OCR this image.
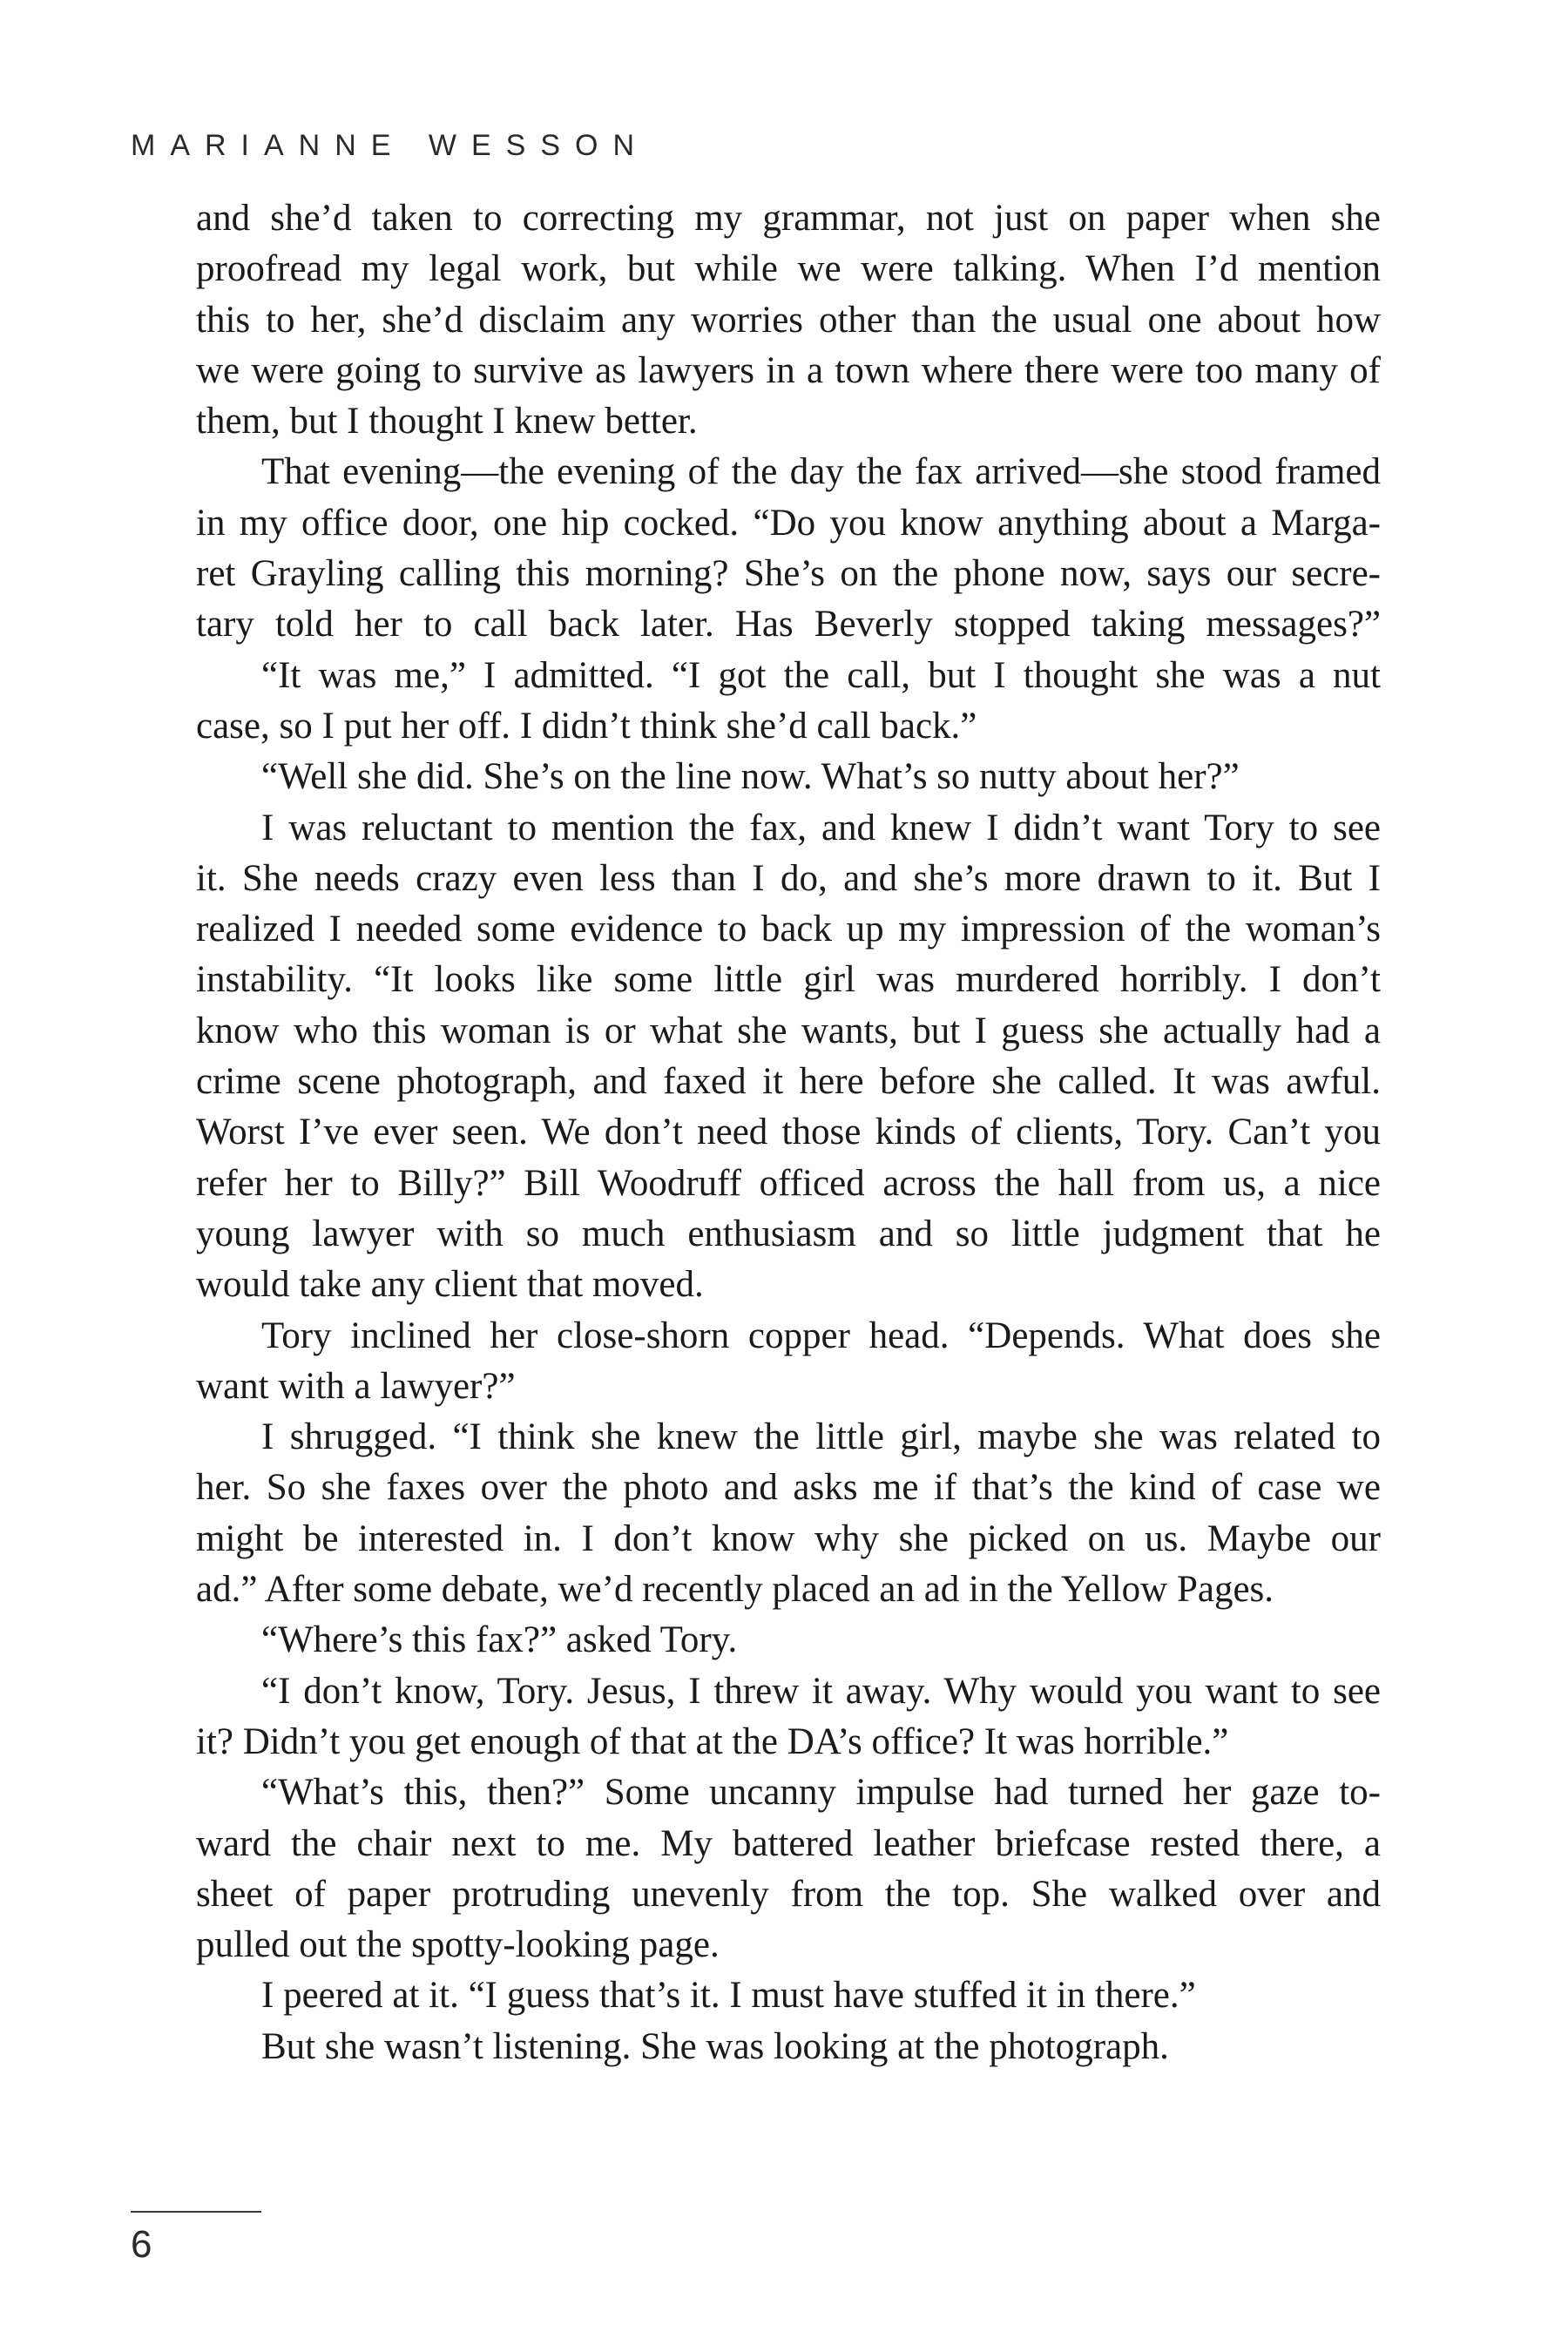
MARIANNE WESSON
and she’d taken to correcting my grammar, not just on paper when she
proofread my legal work, but while we were talking. When I’d mention
this to her, she’d disclaim any worries other than the usual one about how
we were going to survive as lawyers in a town where there were too many of
them, but I thought I knew better.
That evening—the evening of the day the fax arrived—she stood framed
in my office door, one hip cocked. “Do you know anything about a Marga-
ret Grayling calling this morning? She’s on the phone now, says our secre-
tary told her to call back later. Has Beverly stopped taking messages?”
“It was me,” I admitted. “I got the call, but I thought she was a nut
case, so I put her off. I didn’t think she’d call back.”
“Well she did. She’s on the line now. What’s so nutty about her?”
I was reluctant to mention the fax, and knew I didn’t want Tory to see
it. She needs crazy even less than I do, and she’s more drawn to it. But I
realized I needed some evidence to back up my impression of the woman’s
instability. “It looks like some little girl was murdered horribly. I don’t
know who this woman is or what she wants, but I guess she actually had a
crime scene photograph, and faxed it here before she called. It was awful.
Worst I’ve ever seen. We don’t need those kinds of clients, Tory. Can’t you
refer her to Billy?” Bill Woodruff officed across the hall from us, a nice
young lawyer with so much enthusiasm and so little judgment that he
would take any client that moved.
Tory inclined her close-shorn copper head. “Depends. What does she
want with a lawyer?”
I shrugged. “I think she knew the little girl, maybe she was related to
her. So she faxes over the photo and asks me if that’s the kind of case we
might be interested in. I don’t know why she picked on us. Maybe our
ad.” After some debate, we’d recently placed an ad in the Yellow Pages.
“Where’s this fax?” asked Tory.
“I don’t know, Tory. Jesus, I threw it away. Why would you want to see
it? Didn’t you get enough of that at the DA’s office? It was horrible.”
“What’s this, then?” Some uncanny impulse had turned her gaze to-
ward the chair next to me. My battered leather briefcase rested there, a
sheet of paper protruding unevenly from the top. She walked over and
pulled out the spotty-looking page.
I peered at it. “I guess that’s it. I must have stuffed it in there.”
But she wasn’t listening. She was looking at the photograph.
6
